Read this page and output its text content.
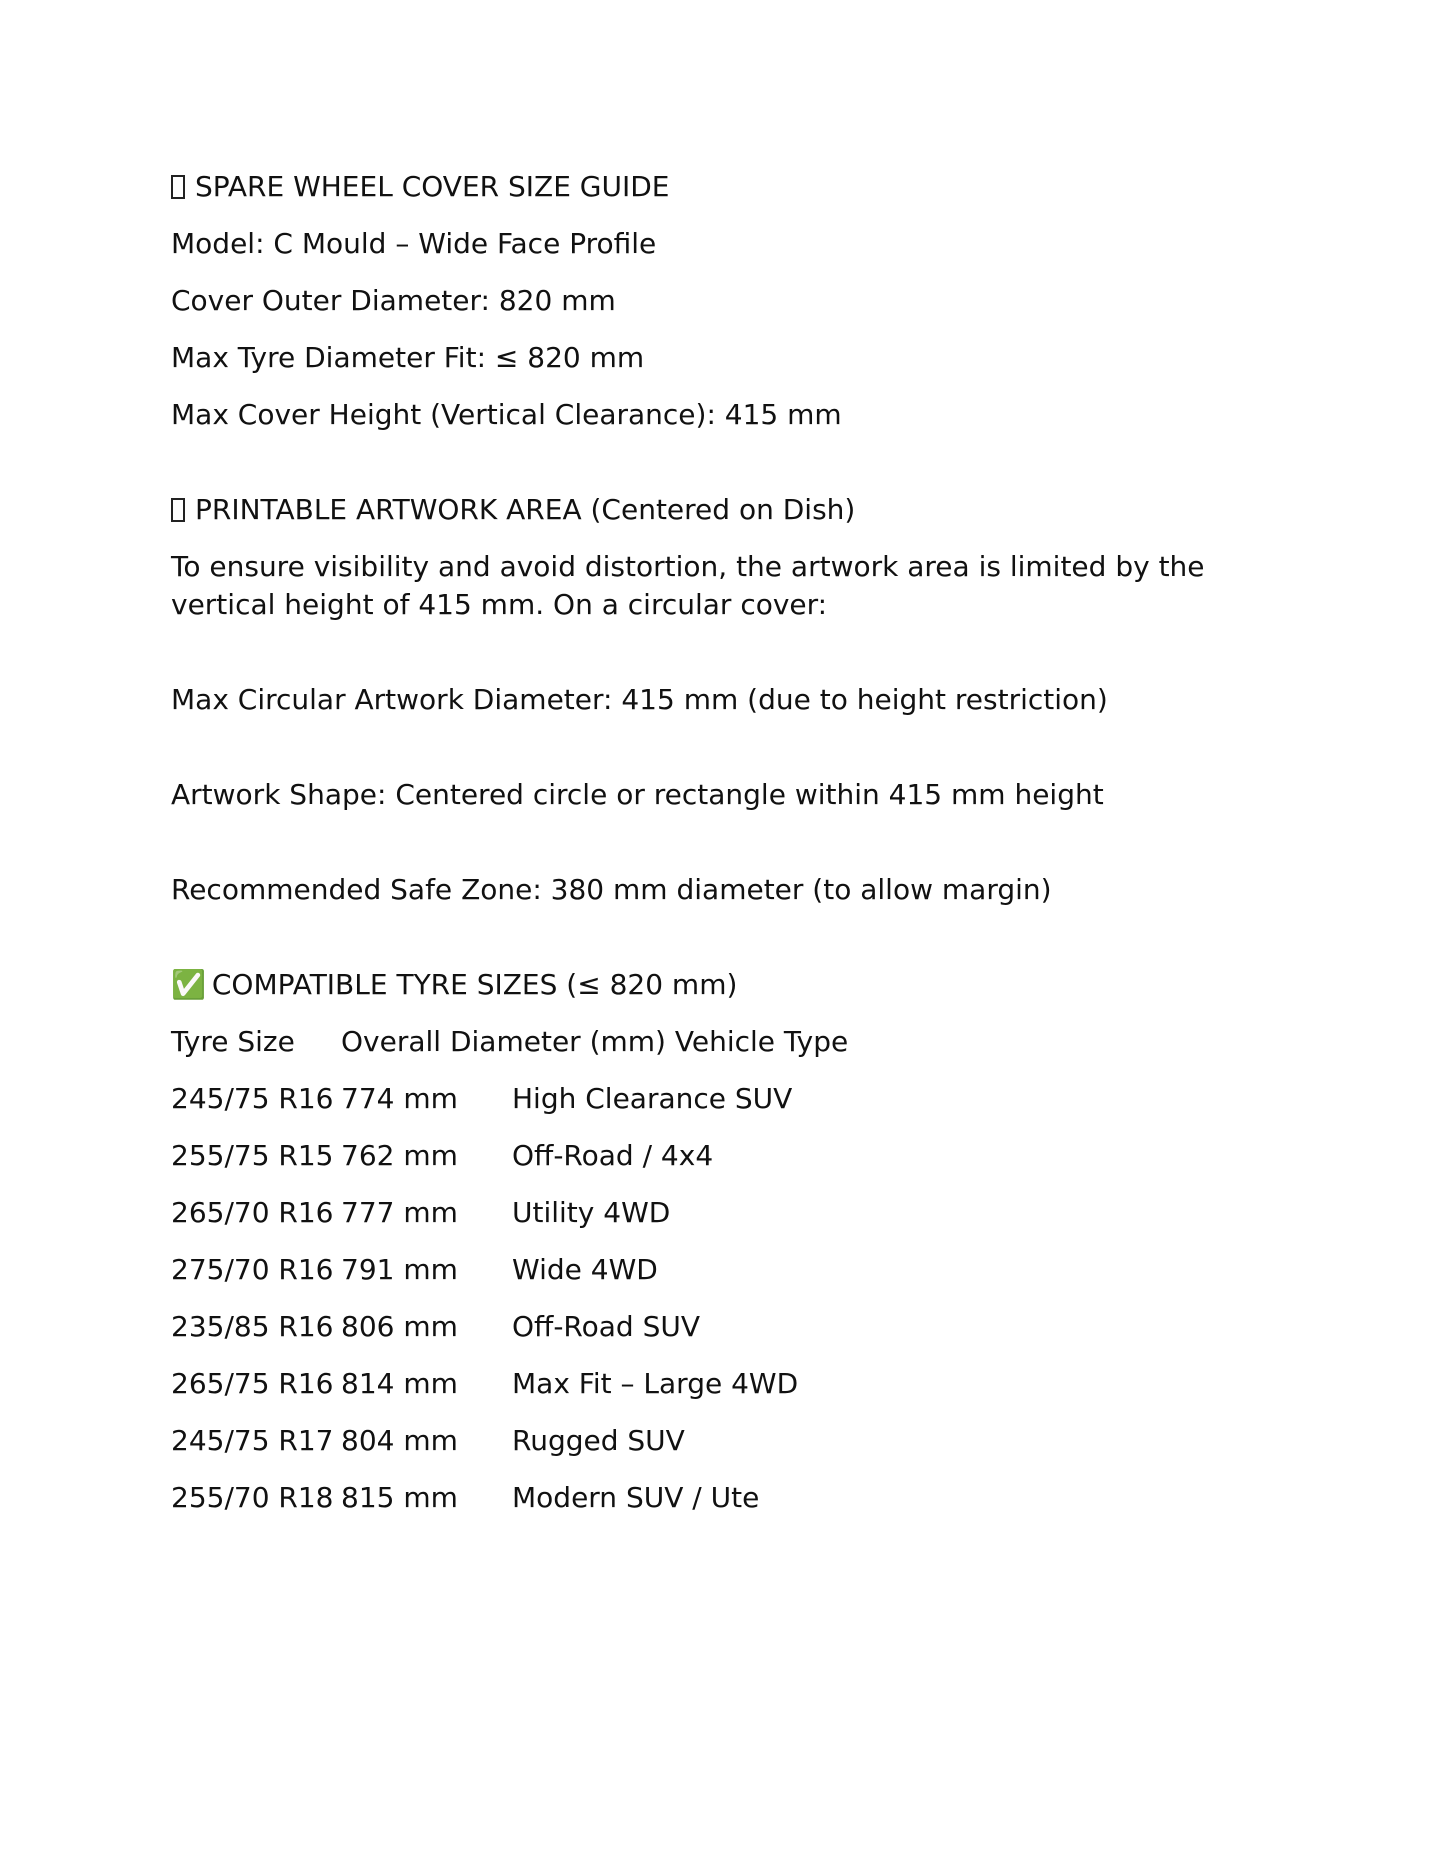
SPARE WHEEL COVER SIZE GUIDE
Model: C Mould – Wide Face Profile
Cover Outer Diameter: 820 mm
Max Tyre Diameter Fit: ≤ 820 mm
Max Cover Height (Vertical Clearance): 415 mm
PRINTABLE ARTWORK AREA (Centered on Dish)
To ensure visibility and avoid distortion, the artwork area is limited by the vertical height of 415 mm. On a circular cover:
Max Circular Artwork Diameter: 415 mm (due to height restriction)
Artwork Shape: Centered circle or rectangle within 415 mm height
Recommended Safe Zone: 380 mm diameter (to allow margin)
✅ COMPATIBLE TYRE SIZES (≤ 820 mm)
Tyre Size	Overall Diameter (mm) Vehicle Type	
245/75 R16	774 mm	High Clearance SUV
255/75 R15	762 mm	Off-Road / 4x4
265/70 R16	777 mm	Utility 4WD
275/70 R16	791 mm	Wide 4WD
235/85 R16	806 mm	Off-Road SUV
265/75 R16	814 mm	Max Fit – Large 4WD
245/75 R17	804 mm	Rugged SUV
255/70 R18	815 mm	Modern SUV / Ute
